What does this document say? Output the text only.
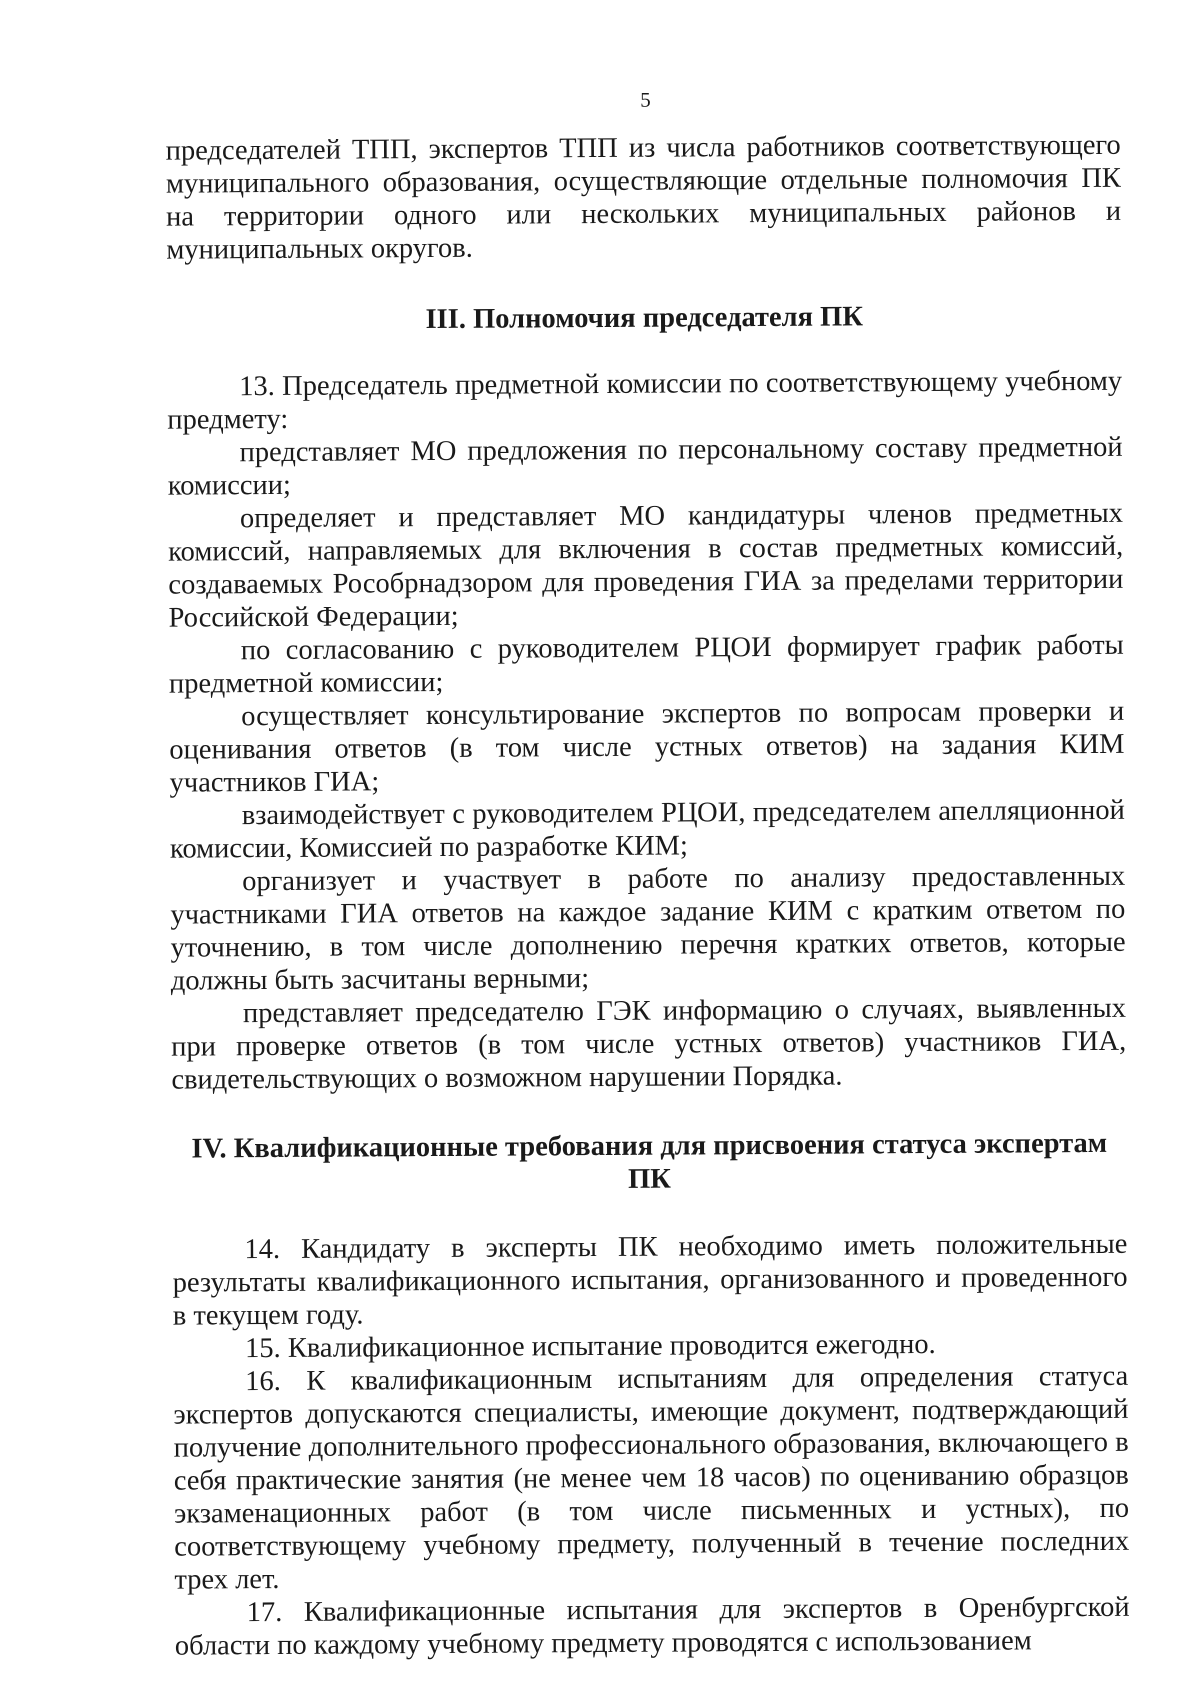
5

председателей ТПП, экспертов ТПП из числа работников соответствующего муниципального образования, осуществляющие отдельные полномочия ПК на территории одного или нескольких муниципальных районов и муниципальных округов.

III. Полномочия председателя ПК

13. Председатель предметной комиссии по соответствующему учебному предмету:

представляет МО предложения по персональному составу предметной комиссии;

определяет и представляет МО кандидатуры членов предметных комиссий, направляемых для включения в состав предметных комиссий, создаваемых Рособрнадзором для проведения ГИА за пределами территории Российской Федерации;

по согласованию с руководителем РЦОИ формирует график работы предметной комиссии;

осуществляет консультирование экспертов по вопросам проверки и оценивания ответов (в том числе устных ответов) на задания КИМ участников ГИА;

взаимодействует с руководителем РЦОИ, председателем апелляционной комиссии, Комиссией по разработке КИМ;

организует и участвует в работе по анализу предоставленных участниками ГИА ответов на каждое задание КИМ с кратким ответом по уточнению, в том числе дополнению перечня кратких ответов, которые должны быть засчитаны верными;

представляет председателю ГЭК информацию о случаях, выявленных при проверке ответов (в том числе устных ответов) участников ГИА, свидетельствующих о возможном нарушении Порядка.

IV. Квалификационные требования для присвоения статуса экспертам ПК

14. Кандидату в эксперты ПК необходимо иметь положительные результаты квалификационного испытания, организованного и проведенного в текущем году.

15. Квалификационное испытание проводится ежегодно.

16. К квалификационным испытаниям для определения статуса экспертов допускаются специалисты, имеющие документ, подтверждающий получение дополнительного профессионального образования, включающего в себя практические занятия (не менее чем 18 часов) по оцениванию образцов экзаменационных работ (в том числе письменных и устных), по соответствующему учебному предмету, полученный в течение последних трех лет.

17. Квалификационные испытания для экспертов в Оренбургской области по каждому учебному предмету проводятся с использованием
